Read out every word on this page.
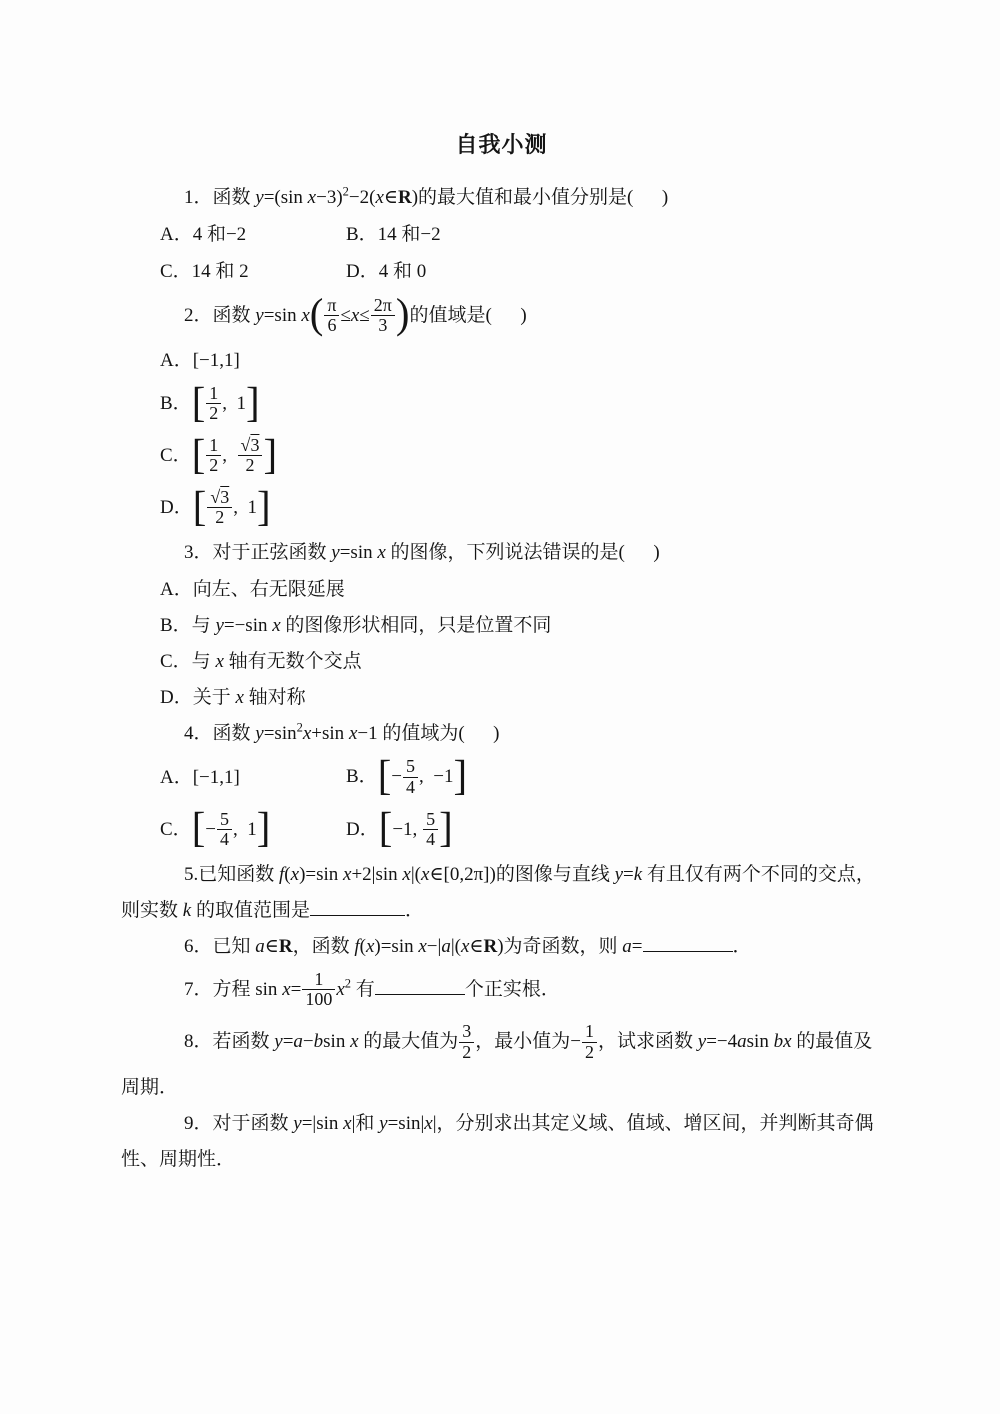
自我小测
1．函数 y=(sin x−3)$^2$−2(x∈R)的最大值和最小值分别是(      )
A．4 和−2	B．14 和−2
C．14 和 2	D．4 和 0
2．函数 y=sin $x( \frac{\pi}{6} \le x\le \frac{2\pi}{3}$ )的值域是(      )
A．[−1,1]
B．[ $\frac{1}{2}$ ,  1]
C．[ $\frac{1}{2}$ , $\frac{√3}{2}$ ]
D．[ $\frac{√3}{2}$ ,  1]
3．对于正弦函数 y=sin x 的图像，下列说法错误的是(      )
A．向左、右无限延展
B．与 y=−sin x 的图像形状相同，只是位置不同
C．与 x 轴有无数个交点
D．关于 x 轴对称
4．函数 $y=\sin^2x+\sin$ x−1 的值域为(      )
A．[−1,1]	B．[− $\frac{5}{4}$ ,  −1]
C．[− $\frac{5}{4}$ ,  1]	D．[−1, $\frac{5}{4}$ ]
5.已知函数 f(x)=sin x+2|sin x|(x∈[0,2π])的图像与直线 y=k 有且仅有两个不同的交点，
则实数 k 的取值范围是	．
6．已知 a∈R，函数 f(x)=sin x−|a|(x∈R)为奇函数，则 a=	．
7．方程 $\sin x= \frac{1}{100} x^2$ 有	个正实根．
8．若函数 y=a−bsin x 的最大值为 $\frac{3}{2}$ ，最小值为− $\frac{1}{2}$ ，试求函数 y=−4asin bx 的最值及
周期．
9．对于函数 y=|sin x|和 y=sin|x|，分别求出其定义域、值域、增区间，并判断其奇偶
性、周期性．
